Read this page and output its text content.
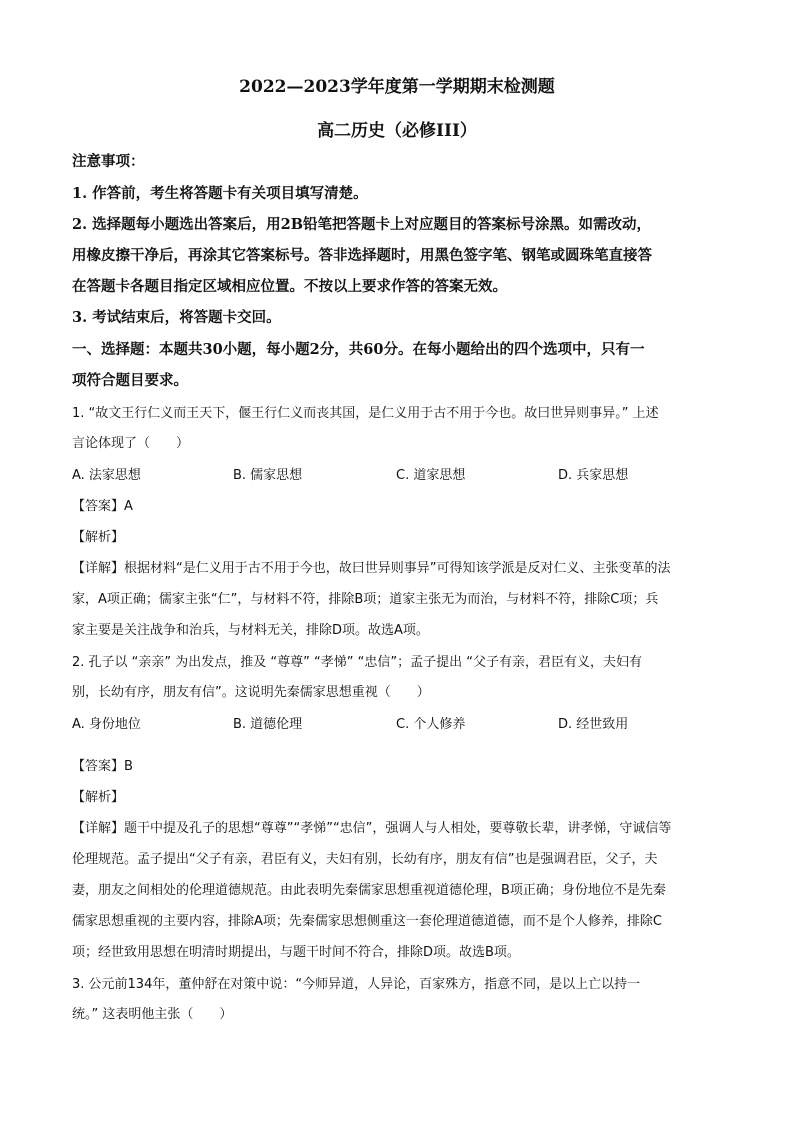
2022—2023学年度第一学期期末检测题
高二历史（必修III）
注意事项：
1. 作答前，考生将答题卡有关项目填写清楚。
2. 选择题每小题选出答案后，用2B铅笔把答题卡上对应题目的答案标号涂黑。如需改动，
用橡皮擦干净后，再涂其它答案标号。答非选择题时，用黑色签字笔、钢笔或圆珠笔直接答
在答题卡各题目指定区域相应位置。不按以上要求作答的答案无效。
3. 考试结束后，将答题卡交回。
一、选择题：本题共30小题，每小题2分，共60分。在每小题给出的四个选项中，只有一
项符合题目要求。
1. “故文王行仁义而王天下，偃王行仁义而丧其国，是仁义用于古不用于今也。故曰世异则事异。” 上述
言论体现了（　　）
A. 法家思想	B. 儒家思想	C. 道家思想	D. 兵家思想
【答案】A
【解析】
【详解】根据材料“是仁义用于古不用于今也，故曰世异则事异”可得知该学派是反对仁义、主张变革的法
家，A项正确；儒家主张“仁”，与材料不符，排除B项；道家主张无为而治，与材料不符，排除C项；兵
家主要是关注战争和治兵，与材料无关，排除D项。故选A项。
2. 孔子以 “亲亲” 为出发点，推及 “尊尊” “孝悌” “忠信”；孟子提出 “父子有亲，君臣有义，夫妇有
别，长幼有序，朋友有信”。这说明先秦儒家思想重视（　　）
A. 身份地位	B. 道德伦理	C. 个人修养	D. 经世致用
【答案】B
【解析】
【详解】题干中提及孔子的思想“尊尊”“孝悌”“忠信”，强调人与人相处，要尊敬长辈，讲孝悌，守诚信等
伦理规范。孟子提出“父子有亲，君臣有义，夫妇有别，长幼有序，朋友有信”也是强调君臣，父子，夫
妻，朋友之间相处的伦理道德规范。由此表明先秦儒家思想重视道德伦理，B项正确；身份地位不是先秦
儒家思想重视的主要内容，排除A项；先秦儒家思想侧重这一套伦理道德道德，而不是个人修养，排除C
项；经世致用思想在明清时期提出，与题干时间不符合，排除D项。故选B项。
3. 公元前134年，董仲舒在对策中说：“今师异道，人异论，百家殊方，指意不同，是以上亡以持一
统。” 这表明他主张（　　）
